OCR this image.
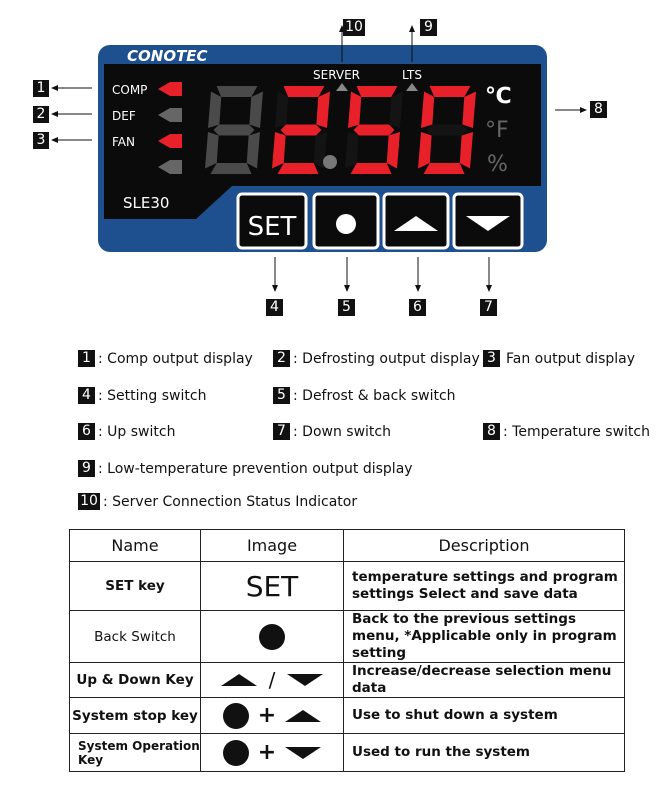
CONOTEC
SLE30
COMP
DEF
FAN
SERVER	LTS
℃
°F
%
SET
1
2
3
4	5	6	7
8
9
10
1 : Comp output display 2 : Defrosting output display 3 Fan output display
4 : Setting switch	5 : Defrost & back switch
6 : Up switch	7 : Down switch	8 : Temperature switch
9 : Low-temperature prevention output display
10 : Server Connection Status Indicator
Name	Image	Description
SET key	SET	temperature settings and program settings Select and save data
Back Switch		Back to the previous settings menu, *Applicable only in program setting
Up & Down Key	/	Increase/decrease selection menu data
System stop key	+	Use to shut down a system
System Operation Key	+	Used to run the system
